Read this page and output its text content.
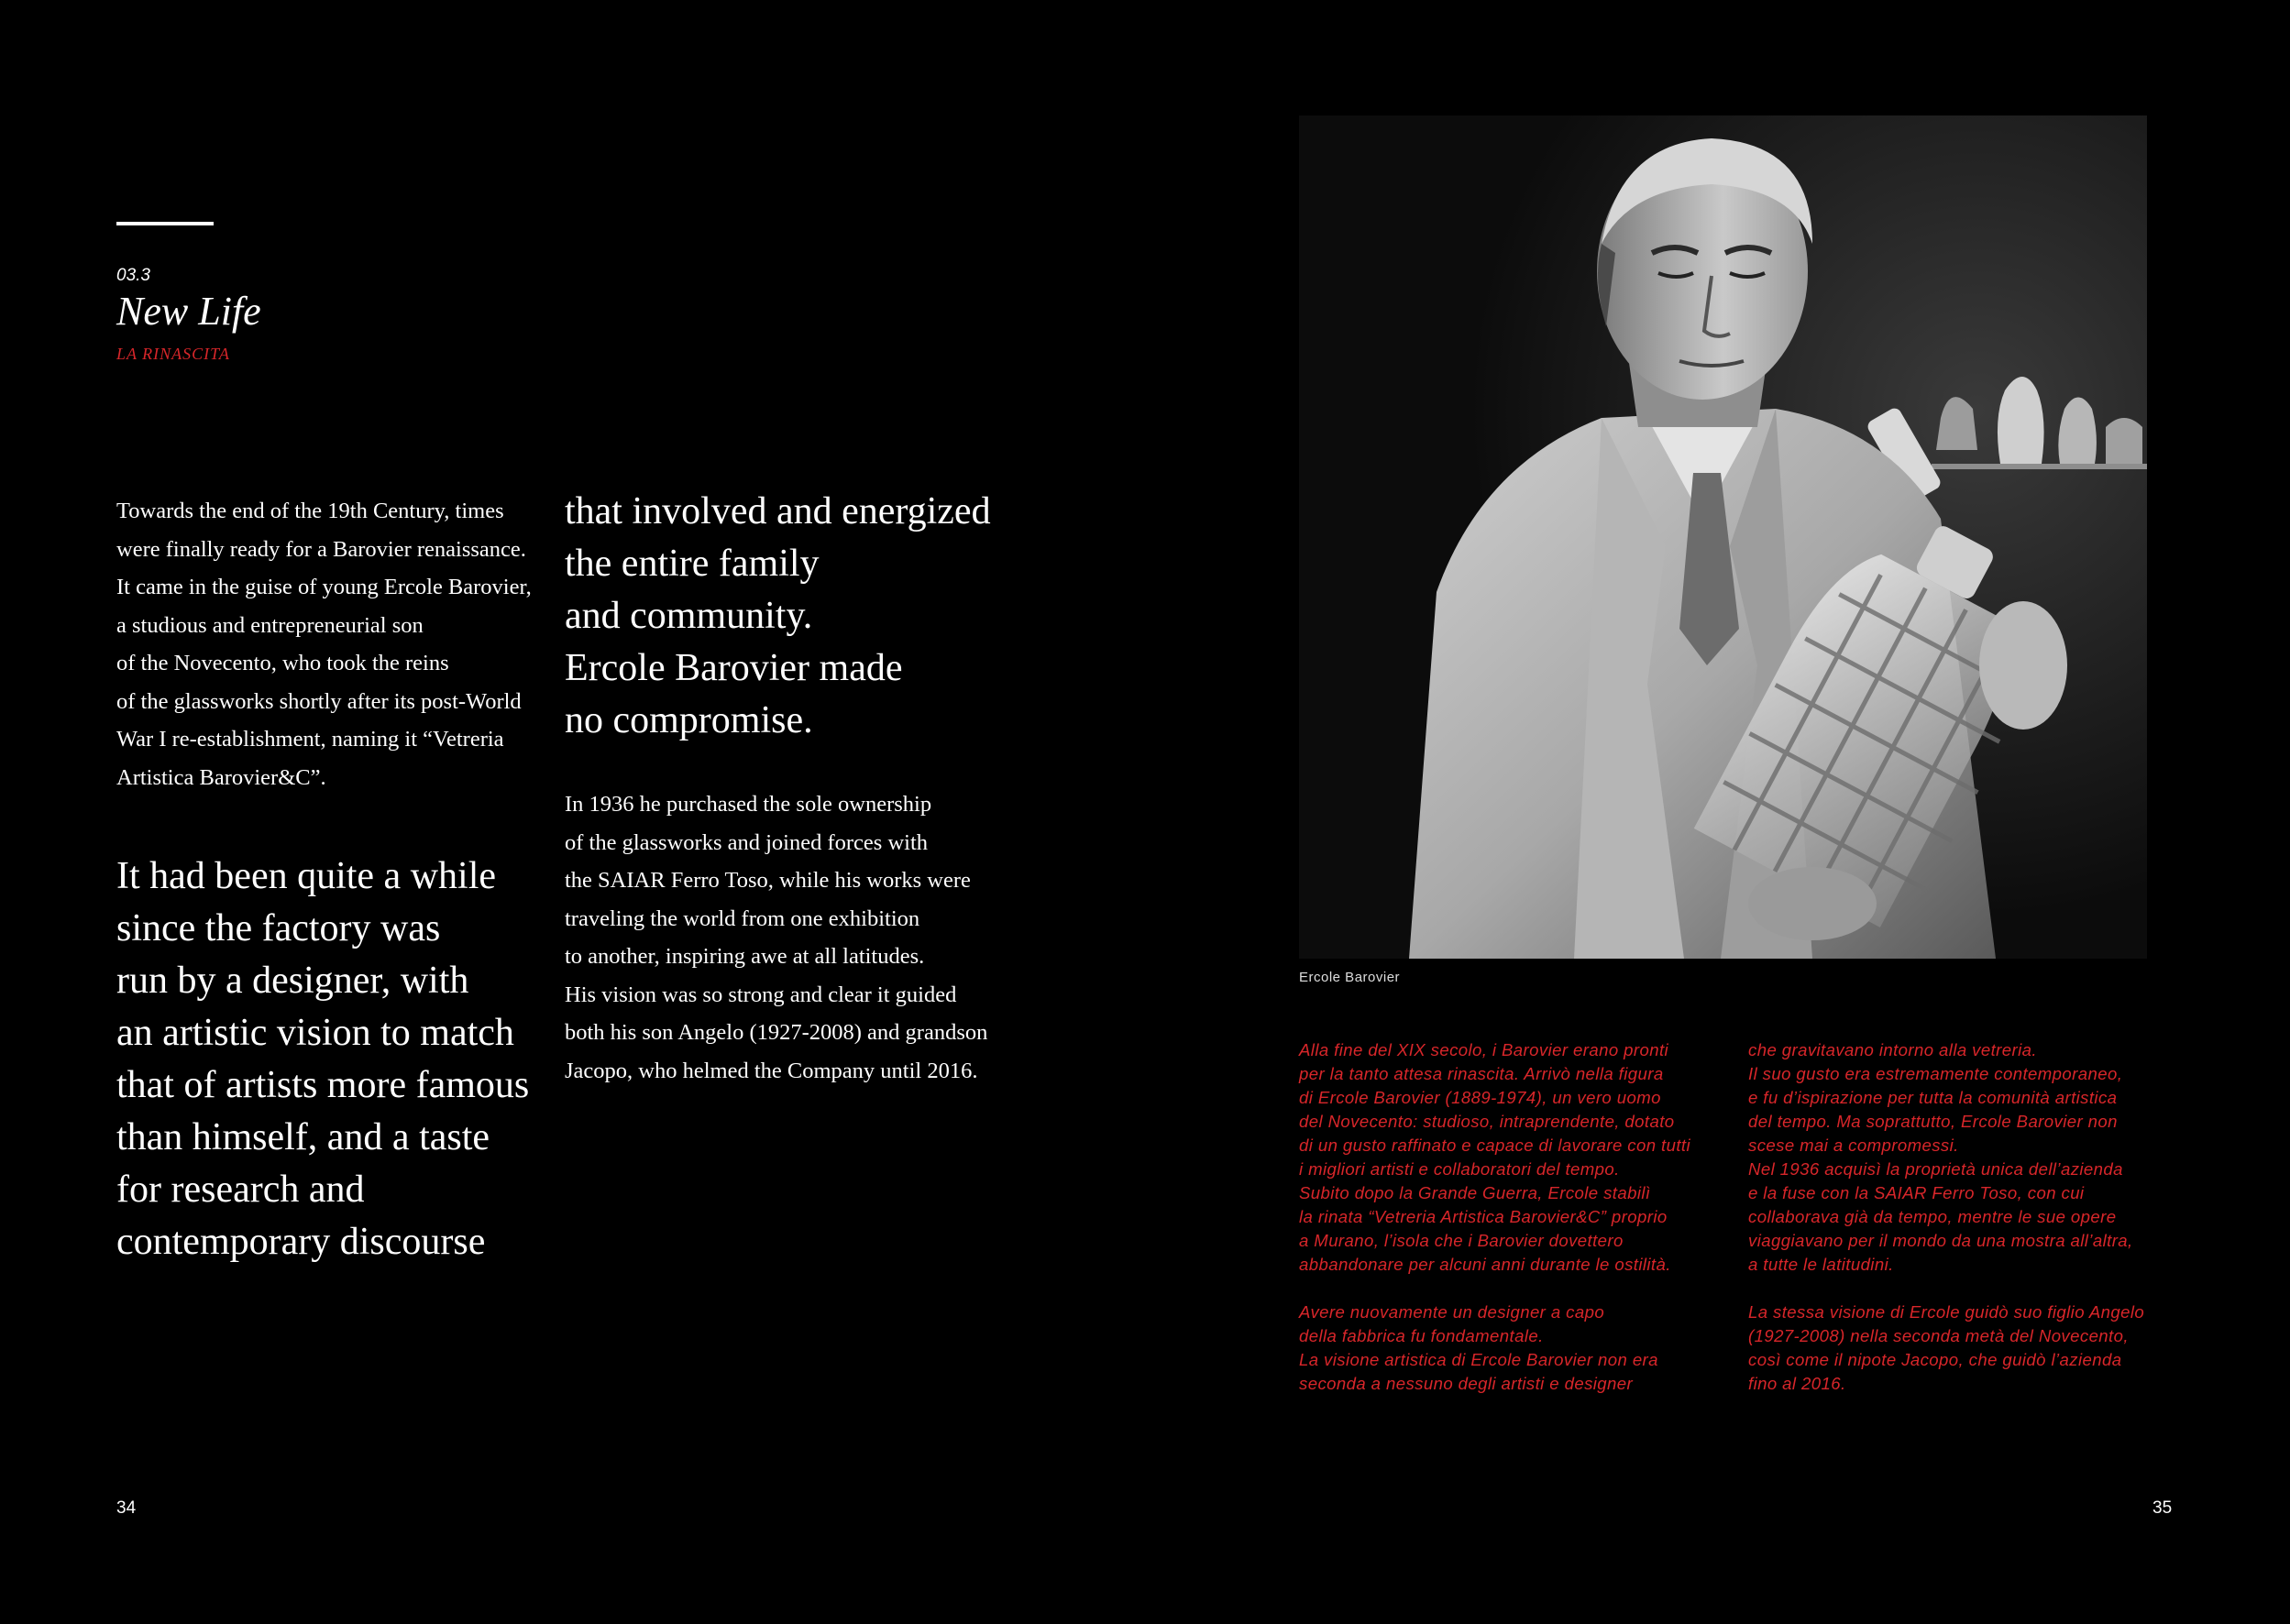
03.3
New Life
LA RINASCITA
Towards the end of the 19th Century, times
were finally ready for a Barovier renaissance.
It came in the guise of young Ercole Barovier,
a studious and entrepreneurial son
of the Novecento, who took the reins
of the glassworks shortly after its post-World
War I re-establishment, naming it “Vetreria
Artistica Barovier&C”.
It had been quite a while
since the factory was
run by a designer, with
an artistic vision to match
that of artists more famous
than himself, and a taste
for research and
contemporary discourse
that involved and energized
the entire family
and community.
Ercole Barovier made
no compromise.
In 1936 he purchased the sole ownership
of the glassworks and joined forces with
the SAIAR Ferro Toso, while his works were
traveling the world from one exhibition
to another, inspiring awe at all latitudes.
His vision was so strong and clear it guided
both his son Angelo (1927-2008) and grandson
Jacopo, who helmed the Company until 2016.
Ercole Barovier
Alla fine del XIX secolo, i Barovier erano pronti
per la tanto attesa rinascita. Arrivò nella figura
di Ercole Barovier (1889-1974), un vero uomo
del Novecento: studioso, intraprendente, dotato
di un gusto raffinato e capace di lavorare con tutti
i migliori artisti e collaboratori del tempo.
Subito dopo la Grande Guerra, Ercole stabilì
la rinata “Vetreria Artistica Barovier&C” proprio
a Murano, l’isola che i Barovier dovettero
abbandonare per alcuni anni durante le ostilità.
Avere nuovamente un designer a capo
della fabbrica fu fondamentale.
La visione artistica di Ercole Barovier non era
seconda a nessuno degli artisti e designer
che gravitavano intorno alla vetreria.
Il suo gusto era estremamente contemporaneo,
e fu d’ispirazione per tutta la comunità artistica
del tempo. Ma soprattutto, Ercole Barovier non
scese mai a compromessi.
Nel 1936 acquisì la proprietà unica dell’azienda
e la fuse con la SAIAR Ferro Toso, con cui
collaborava già da tempo, mentre le sue opere
viaggiavano per il mondo da una mostra all’altra,
a tutte le latitudini.
La stessa visione di Ercole guidò suo figlio Angelo
(1927-2008) nella seconda metà del Novecento,
così come il nipote Jacopo, che guidò l’azienda
fino al 2016.
34	35
